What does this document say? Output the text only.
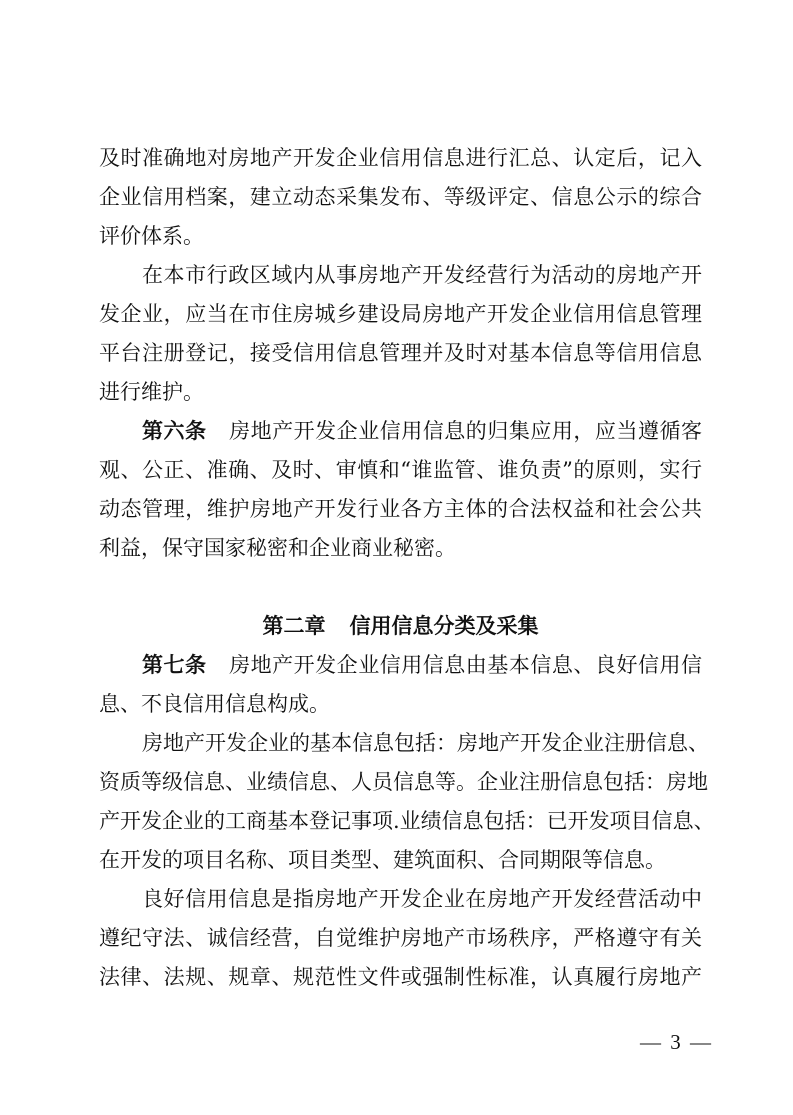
及时准确地对房地产开发企业信用信息进行汇总、认定后，记入
企业信用档案，建立动态采集发布、等级评定、信息公示的综合
评价体系。
在本市行政区域内从事房地产开发经营行为活动的房地产开
发企业，应当在市住房城乡建设局房地产开发企业信用信息管理
平台注册登记，接受信用信息管理并及时对基本信息等信用信息
进行维护。
第六条 房地产开发企业信用信息的归集应用，应当遵循客
观、公正、准确、及时、审慎和“谁监管、谁负责”的原则，实行
动态管理，维护房地产开发行业各方主体的合法权益和社会公共
利益，保守国家秘密和企业商业秘密。
第二章 信用信息分类及采集
第七条 房地产开发企业信用信息由基本信息、良好信用信
息、不良信用信息构成。
房地产开发企业的基本信息包括：房地产开发企业注册信息、
资质等级信息、业绩信息、人员信息等。企业注册信息包括：房地
产开发企业的工商基本登记事项.业绩信息包括：已开发项目信息、
在开发的项目名称、项目类型、建筑面积、合同期限等信息。
良好信用信息是指房地产开发企业在房地产开发经营活动中
遵纪守法、诚信经营，自觉维护房地产市场秩序，严格遵守有关
法律、法规、规章、规范性文件或强制性标准，认真履行房地产
— 3 —
